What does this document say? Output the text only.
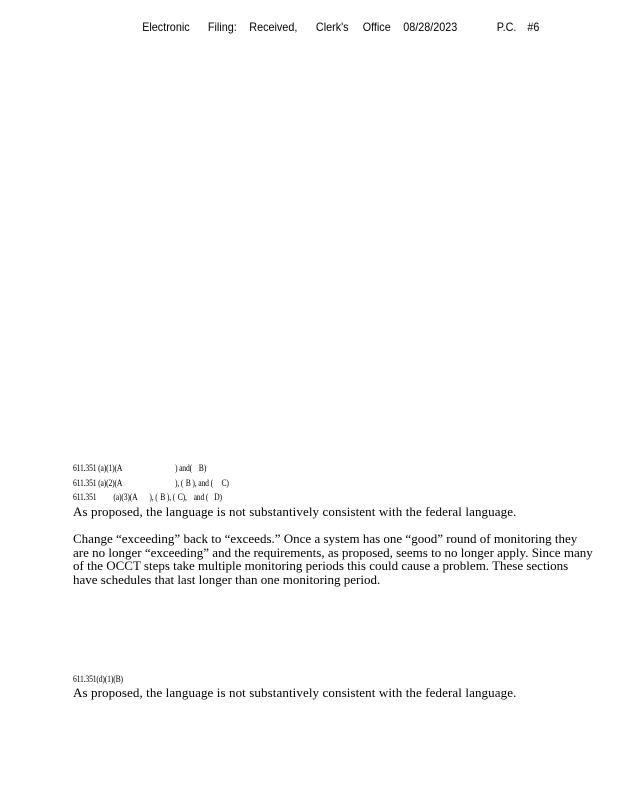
Electronic Filing: Received, Clerk's Office 08/28/2023	P.C. #6
611.351 (a)(1)(A	) and( B)
611.351 (a)(2)(A	), ( B ), and ( C)
611.351 (a)(3)(A ), ( B ), ( C), and ( D)
As proposed, the language is not substantively consistent with the federal language.
Change “exceeding” back to “exceeds.” Once a system has one “good” round of monitoring they
are no longer “exceeding” and the requirements, as proposed, seems to no longer apply. Since many
of the OCCT steps take multiple monitoring periods this could cause a problem. These sections
have schedules that last longer than one monitoring period.
611.351(d)(1)(B)
As proposed, the language is not substantively consistent with the federal language.
